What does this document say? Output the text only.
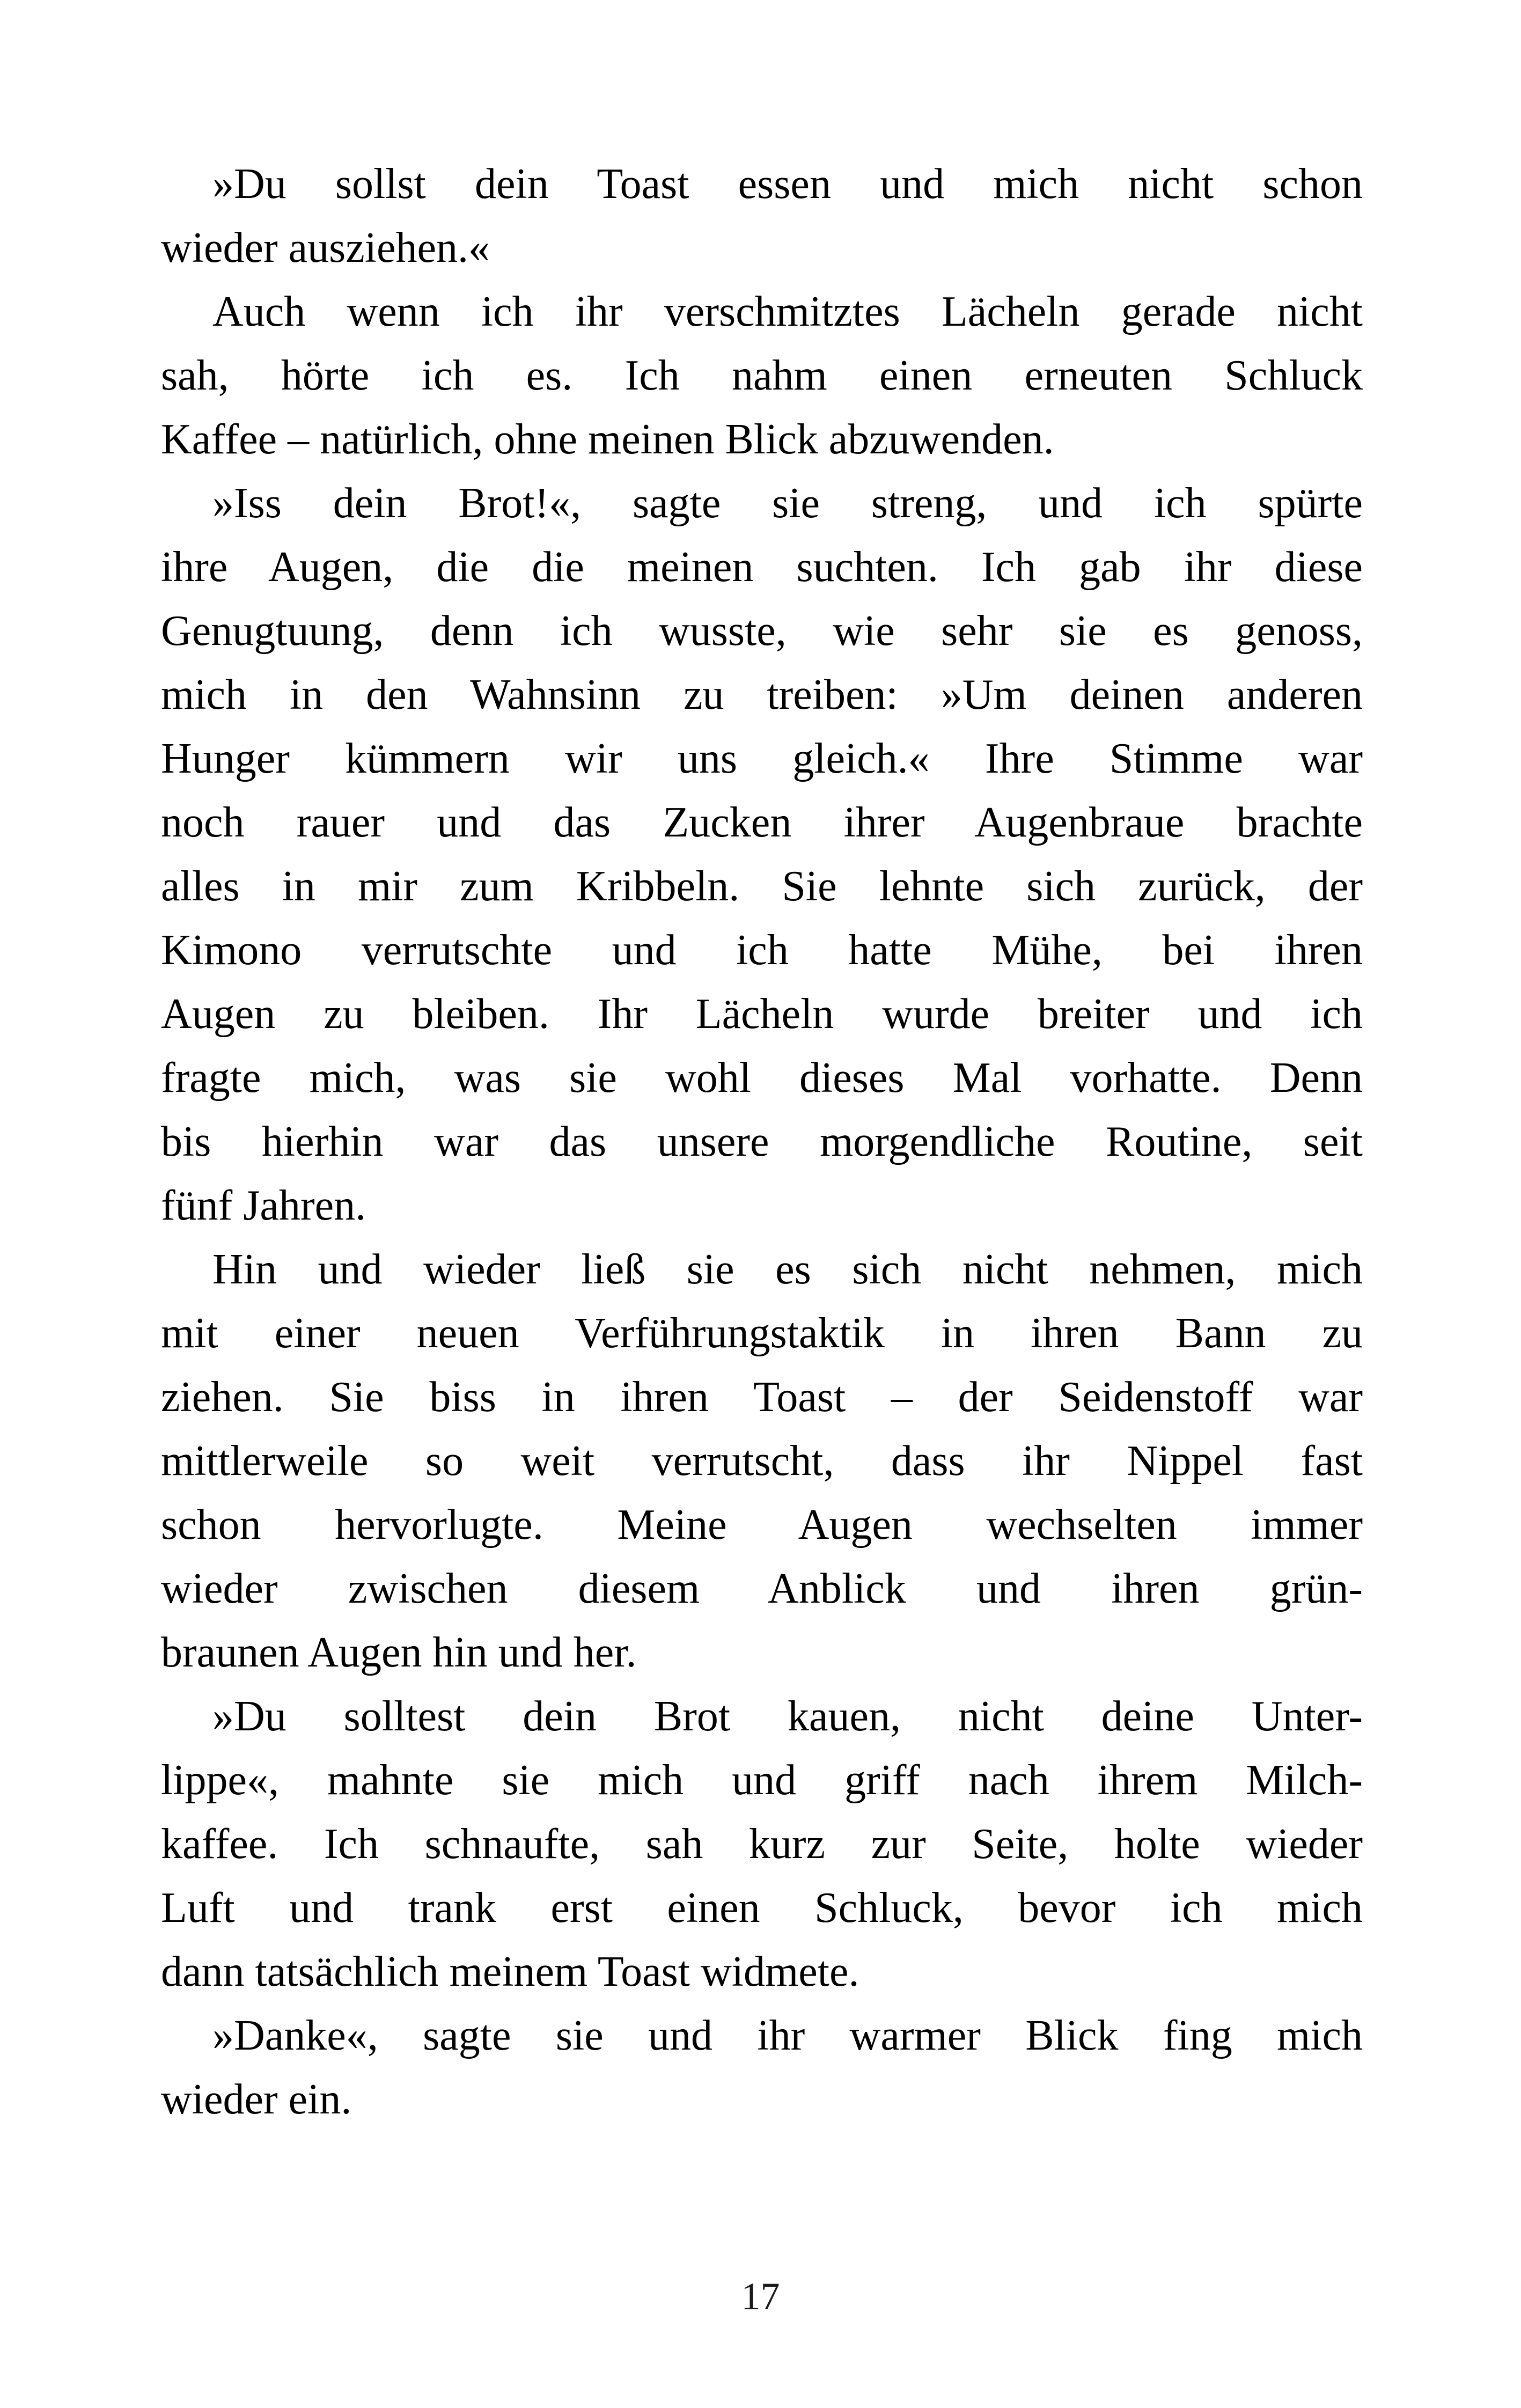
»Du sollst dein Toast essen und mich nicht schon
wieder ausziehen.«
Auch wenn ich ihr verschmitztes Lächeln gerade nicht
sah, hörte ich es. Ich nahm einen erneuten Schluck
Kaffee – natürlich, ohne meinen Blick abzuwenden.
»Iss dein Brot!«, sagte sie streng, und ich spürte
ihre Augen, die die meinen suchten. Ich gab ihr diese
Genugtuung, denn ich wusste, wie sehr sie es genoss,
mich in den Wahnsinn zu treiben: »Um deinen anderen
Hunger kümmern wir uns gleich.« Ihre Stimme war
noch rauer und das Zucken ihrer Augenbraue brachte
alles in mir zum Kribbeln. Sie lehnte sich zurück, der
Kimono verrutschte und ich hatte Mühe, bei ihren
Augen zu bleiben. Ihr Lächeln wurde breiter und ich
fragte mich, was sie wohl dieses Mal vorhatte. Denn
bis hierhin war das unsere morgendliche Routine, seit
fünf Jahren.
Hin und wieder ließ sie es sich nicht nehmen, mich
mit einer neuen Verführungstaktik in ihren Bann zu
ziehen. Sie biss in ihren Toast – der Seidenstoff war
mittlerweile so weit verrutscht, dass ihr Nippel fast
schon hervorlugte. Meine Augen wechselten immer
wieder zwischen diesem Anblick und ihren grün-
braunen Augen hin und her.
»Du solltest dein Brot kauen, nicht deine Unter-
lippe«, mahnte sie mich und griff nach ihrem Milch-
kaffee. Ich schnaufte, sah kurz zur Seite, holte wieder
Luft und trank erst einen Schluck, bevor ich mich
dann tatsächlich meinem Toast widmete.
»Danke«, sagte sie und ihr warmer Blick fing mich
wieder ein.
17
